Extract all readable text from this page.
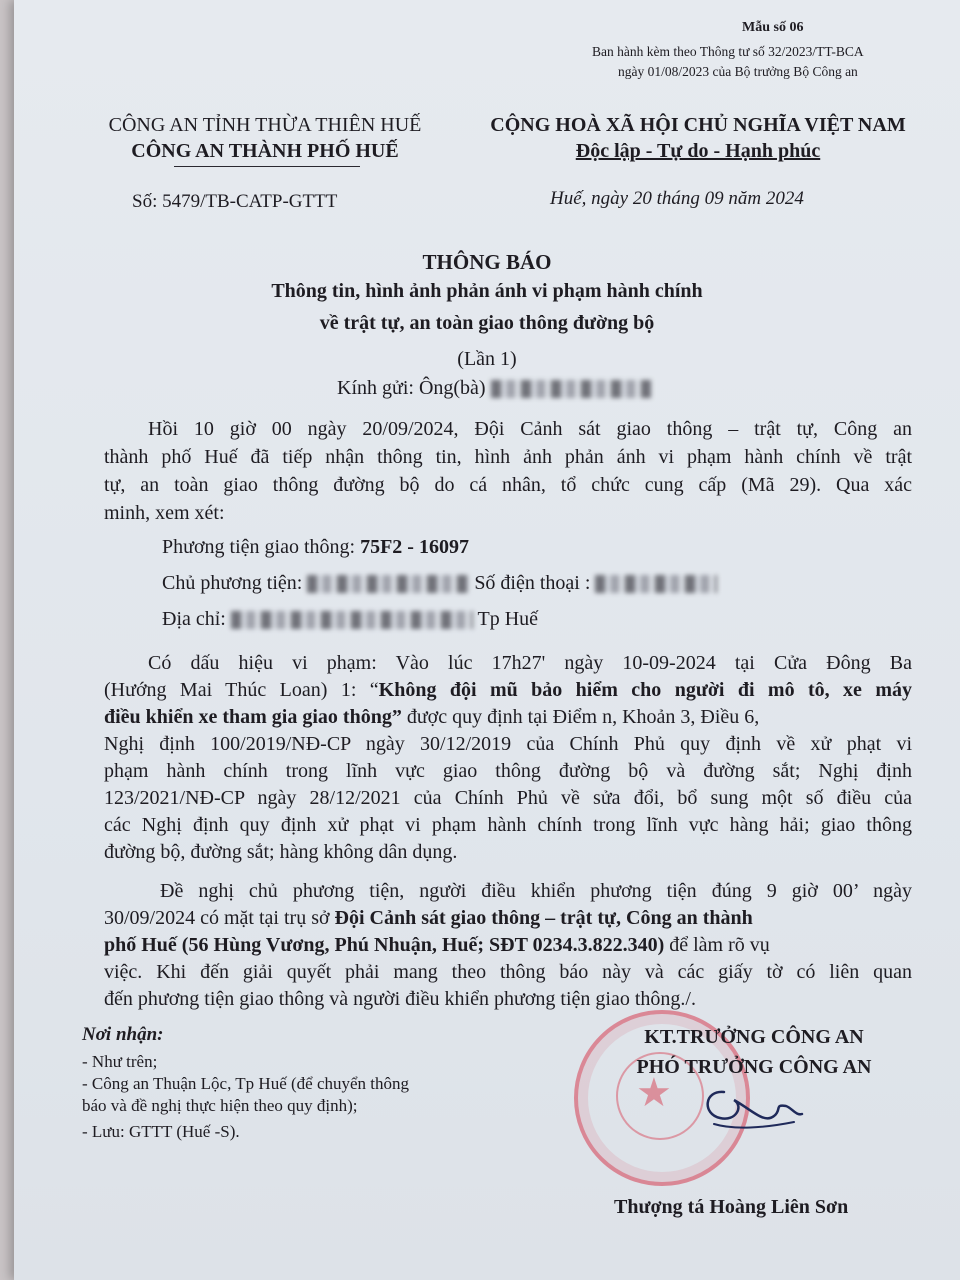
Mẫu số 06
Ban hành kèm theo Thông tư số 32/2023/TT-BCA
ngày 01/08/2023 của Bộ trưởng Bộ Công an
CÔNG AN TỈNH THỪA THIÊN HUẾ
CÔNG AN THÀNH PHỐ HUẾ
Số: 5479/TB-CATP-GTTT
CỘNG HOÀ XÃ HỘI CHỦ NGHĨA VIỆT NAM
Độc lập - Tự do - Hạnh phúc
Huế, ngày 20 tháng 09 năm 2024
THÔNG BÁO
Thông tin, hình ảnh phản ánh vi phạm hành chính
về trật tự, an toàn giao thông đường bộ
(Lần 1)
Kính gửi: Ông(bà)
Hồi 10 giờ 00 ngày 20/09/2024, Đội Cảnh sát giao thông – trật tự, Công an
thành phố Huế đã tiếp nhận thông tin, hình ảnh phản ánh vi phạm hành chính về trật
tự, an toàn giao thông đường bộ do cá nhân, tổ chức cung cấp (Mã 29). Qua xác
minh, xem xét:
Phương tiện giao thông: 75F2 - 16097
Chủ phương tiện:	Số điện thoại :
Địa chỉ:	Tp Huế
Có dấu hiệu vi phạm: Vào lúc 17h27' ngày 10-09-2024 tại Cửa Đông Ba
(Hướng Mai Thúc Loan) 1: “Không đội mũ bảo hiểm cho người đi mô tô, xe máy
điều khiển xe tham gia giao thông” được quy định tại Điểm n, Khoản 3, Điều 6,
Nghị định 100/2019/NĐ-CP ngày 30/12/2019 của Chính Phủ quy định về xử phạt vi
phạm hành chính trong lĩnh vực giao thông đường bộ và đường sắt; Nghị định
123/2021/NĐ-CP ngày 28/12/2021 của Chính Phủ về sửa đổi, bổ sung một số điều của
các Nghị định quy định xử phạt vi phạm hành chính trong lĩnh vực hàng hải; giao thông
đường bộ, đường sắt; hàng không dân dụng.
Đề nghị chủ phương tiện, người điều khiển phương tiện đúng 9 giờ 00’ ngày
30/09/2024 có mặt tại trụ sở Đội Cảnh sát giao thông – trật tự, Công an thành
phố Huế (56 Hùng Vương, Phú Nhuận, Huế; SĐT 0234.3.822.340) để làm rõ vụ
việc. Khi đến giải quyết phải mang theo thông báo này và các giấy tờ có liên quan
đến phương tiện giao thông và người điều khiển phương tiện giao thông./.
Nơi nhận:
- Như trên;
- Công an Thuận Lộc, Tp Huế (để chuyển thông
báo và đề nghị thực hiện theo quy định);
- Lưu: GTTT (Huế -S).
★
KT.TRƯỞNG CÔNG AN
PHÓ TRƯỞNG CÔNG AN
Thượng tá Hoàng Liên Sơn
